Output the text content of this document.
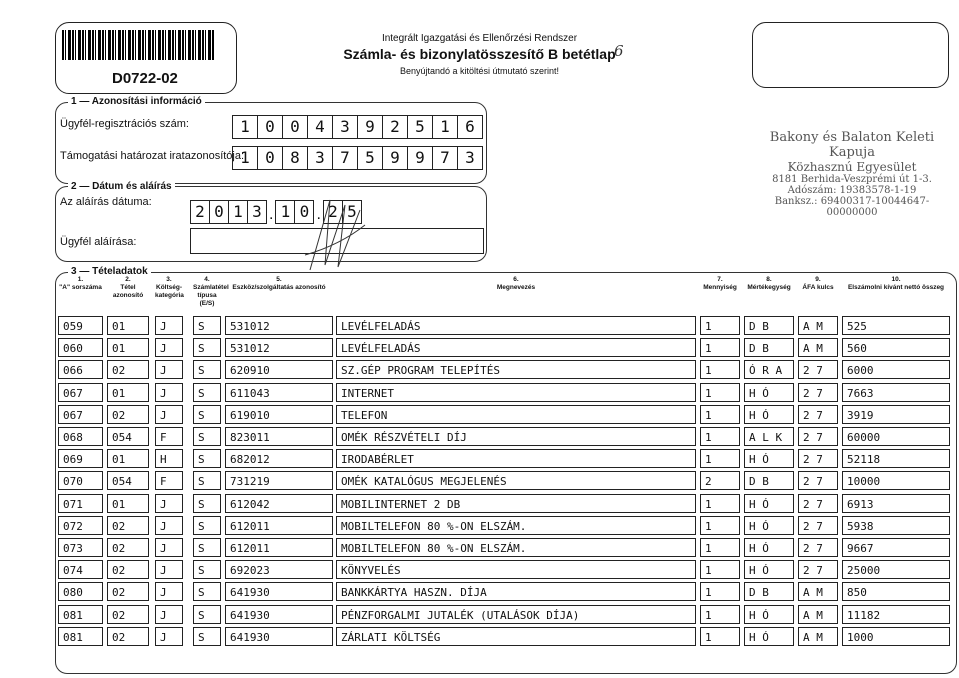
D0722-02
Integrált Igazgatási és Ellenőrzési Rendszer
Számla- és bizonylatösszesítő B betétlap
Benyújtandó a kitöltési útmutató szerint!
6
1 — Azonosítási információ
Ügyfél-regisztrációs szám:	1 0 0 4 3 9 2 5 1 6
Támogatási határozat iratazonosítója:
1 0 8 3 7 5 9 9 7 3
2 — Dátum és aláírás
Az aláírás dátuma:	2 0 1 3 . 1 0 . 2 5
Ügyfél aláírása:
Bakony és Balaton Keleti Kapuja
Közhasznú Egyesület
8181 Berhida-Veszprémi út 1-3.
Adószám: 19383578-1-19
Banksz.: 69400317-10044647-00000000
3 — Tételadatok
1.
"A" sorszáma
2.
Tétel azonosító
3.
Költség-kategória
4.
Számlatétel típusa (E/S)
5.
Eszköz/szolgáltatás azonosító
6.
Megnevezés
7.
Mennyiség
8.
Mértékegység
9.
ÁFA kulcs
10.
Elszámolni kívánt nettó összeg
059	01	J	S	531012	LEVÉLFELADÁS	1	D B	A M	525
060	01	J	S	531012	LEVÉLFELADÁS	1	D B	A M	560
066	02	J	S	620910	SZ.GÉP PROGRAM TELEPÍTÉS	1	Ó R A	2 7	6000
067	01	J	S	611043	INTERNET	1	H Ó	2 7	7663
067	02	J	S	619010	TELEFON	1	H Ó	2 7	3919
068	054	F	S	823011	OMÉK RÉSZVÉTELI DÍJ	1	A L K	2 7	60000
069	01	H	S	682012	IRODABÉRLET	1	H Ó	2 7	52118
070	054	F	S	731219	OMÉK KATALÓGUS MEGJELENÉS	2	D B	2 7	10000
071	01	J	S	612042	MOBILINTERNET 2 DB	1	H Ó	2 7	6913
072	02	J	S	612011	MOBILTELEFON 80 %-ON ELSZÁM.	1	H Ó	2 7	5938
073	02	J	S	612011	MOBILTELEFON 80 %-ON ELSZÁM.	1	H Ó	2 7	9667
074	02	J	S	692023	KÖNYVELÉS	1	H Ó	2 7	25000
080	02	J	S	641930	BANKKÁRTYA HASZN. DÍJA	1	D B	A M	850
081	02	J	S	641930	PÉNZFORGALMI JUTALÉK (UTALÁSOK DÍJA)	1	H Ó	A M	11182
081	02	J	S	641930	ZÁRLATI KÖLTSÉG	1	H Ó	A M	1000
